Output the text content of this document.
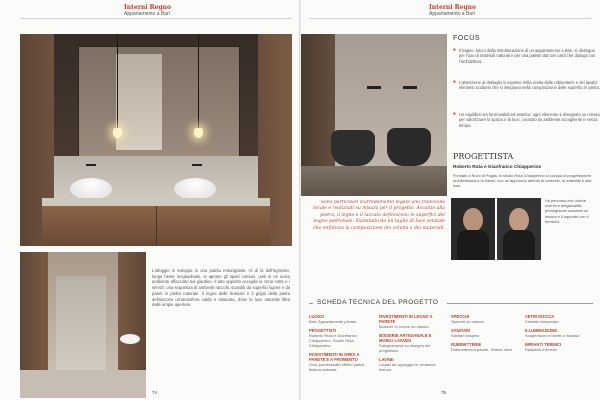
Interni Regno
Appartamento a Bari
L'alloggio si sviluppa in una pianta rettangolare. Al di là dell'ingresso, lungo l'asse longitudinale, si aprono gli spazi comuni, uniti in un unico ambiente affacciato sul giardino. Il lato opposto accoglie la zona notte e i servizi: una sequenza di ambienti raccolti, scanditi da superfici lignee e da pareti in pietra naturale. Il legno delle boiserie e il grigio della pietra definiscono un'atmosfera calda e misurata, dove la luce naturale filtra dalle ampie aperture.
74
Interni Regno
Appartamento a Bari
FOCUS
● Il bagno, fulcro della ristrutturazione di un appartamento a Bari, si distingue per l'uso di materiali naturali e per una palette dai toni caldi che dialoga con l'architettura.
● L'attenzione al dettaglio si esprime nella scelta delle rubinetterie e dei lavabi: elementi scultorei che si integrano nella composizione delle superfici in pietra.
● Un equilibrio tra funzionalità ed estetica: ogni elemento è disegnato su misura per valorizzare lo spazio e la luce, creando un ambiente accogliente e senza tempo.
PROGETTISTA
Roberto Ruta e Gianfranco Chiapperino
Fondato a Ruvo di Puglia, lo studio Ruta Chiapperino si occupa di progettazione architettonica e di interni, con un approccio attento al contesto, ai materiali e alla luce.
Sono particolari d'arredamento legato alla tradizione locale e realizzati su misura per il progetto. Accanto alla pietra, il legno e il laccato definiscono le superfici del bagno padronale, illuminato da un taglio di luce zenitale che enfatizza la composizione dei volumi e dei materiali.
Un percorso che unisce ricerca e artigianalità, privilegiando soluzioni su misura e il rapporto con il territorio.
SCHEDA TECNICA DEL PROGETTO
LUOGO
Bari, Appartamento privato
PROGETTISTI
Roberto Ruta e Gianfranco Chiapperino, Studio Ruta Chiapperino
RIVESTIMENTI IN GRES A PARETE E A PAVIMENTO
Gres porcellanato effetto pietra, finitura naturale
RIVESTIMENTI IN LEGNO A PARETE
Boiserie in rovere su misura
BOISERIE ARTIGIANALE E MOBILI LAVABO
Falegnameria su disegno del progettista
LAVABI
Lavabi da appoggio in ceramica bianca
SPECCHI
Specchi su misura
SANITARI
Sanitari sospesi
RUBINETTERIE
Rubinetteria a parete, finitura nera
VETRI DOCCIA
Cristallo temperato
ILLUMINAZIONE
Sospensioni e faretti a incasso
IMPIANTI TERMICI
Radiatori d'arredo
75
